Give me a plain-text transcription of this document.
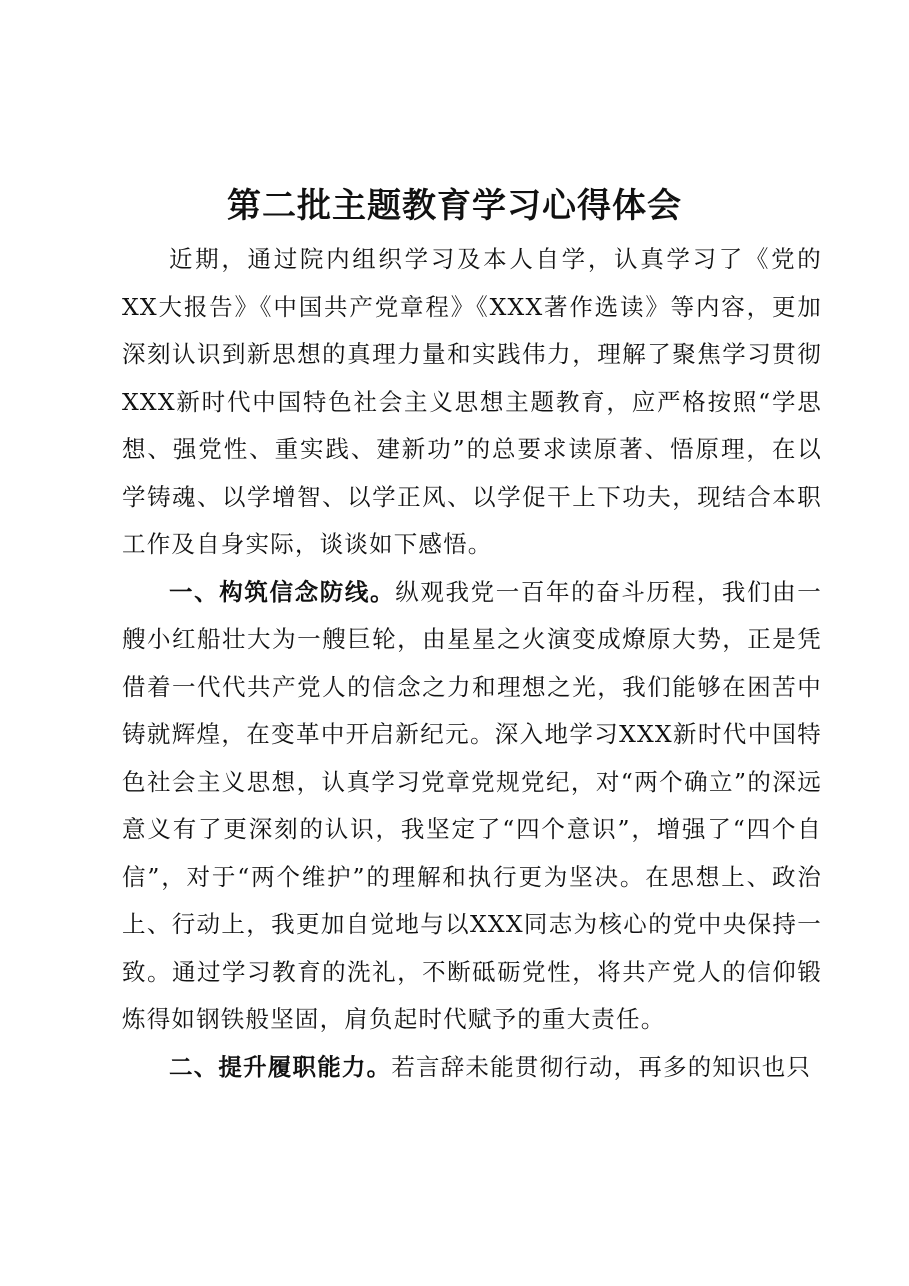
第二批主题教育学习心得体会

近期，通过院内组织学习及本人自学，认真学习了《党的XX大报告》《中国共产党章程》《XXX著作选读》等内容，更加深刻认识到新思想的真理力量和实践伟力，理解了聚焦学习贯彻XXX新时代中国特色社会主义思想主题教育，应严格按照“学思想、强党性、重实践、建新功”的总要求读原著、悟原理，在以学铸魂、以学增智、以学正风、以学促干上下功夫，现结合本职工作及自身实际，谈谈如下感悟。

一、构筑信念防线。纵观我党一百年的奋斗历程，我们由一艘小红船壮大为一艘巨轮，由星星之火演变成燎原大势，正是凭借着一代代共产党人的信念之力和理想之光，我们能够在困苦中铸就辉煌，在变革中开启新纪元。深入地学习XXX新时代中国特色社会主义思想，认真学习党章党规党纪，对“两个确立”的深远意义有了更深刻的认识，我坚定了“四个意识”，增强了“四个自信”，对于“两个维护”的理解和执行更为坚决。在思想上、政治上、行动上，我更加自觉地与以XXX同志为核心的党中央保持一致。通过学习教育的洗礼，不断砥砺党性，将共产党人的信仰锻炼得如钢铁般坚固，肩负起时代赋予的重大责任。

二、提升履职能力。若言辞未能贯彻行动，再多的知识也只
